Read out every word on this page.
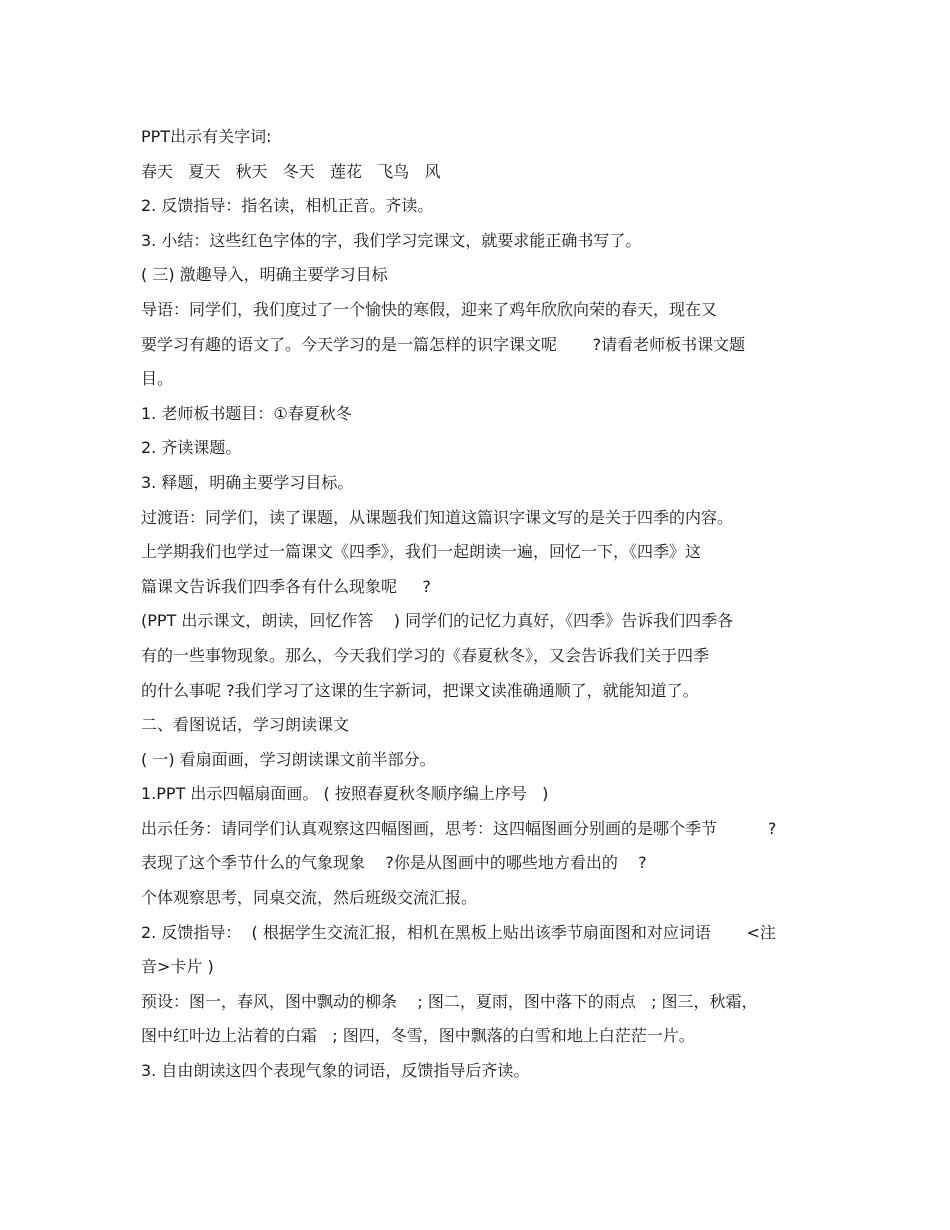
PPT出示有关字词:
春天   夏天   秋天   冬天   莲花   飞鸟   风
2. 反馈指导：指名读，相机正音。齐读。
3. 小结：这些红色字体的字，我们学习完课文，就要求能正确书写了。
( 三) 激趣导入，明确主要学习目标
导语：同学们，我们度过了一个愉快的寒假，迎来了鸡年欣欣向荣的春天，现在又
要学习有趣的语文了。今天学习的是一篇怎样的识字课文呢       ?请看老师板书课文题
目。
1. 老师板书题目：①春夏秋冬
2. 齐读课题。
3. 释题，明确主要学习目标。
过渡语：同学们，读了课题，从课题我们知道这篇识字课文写的是关于四季的内容。
上学期我们也学过一篇课文《四季》，我们一起朗读一遍，回忆一下，《四季》这
篇课文告诉我们四季各有什么现象呢     ?
(PPT 出示课文，朗读，回忆作答    ) 同学们的记忆力真好，《四季》告诉我们四季各
有的一些事物现象。那么，今天我们学习的《春夏秋冬》，又会告诉我们关于四季
的什么事呢 ?我们学习了这课的生字新词，把课文读准确通顺了，就能知道了。
二、看图说话，学习朗读课文
( 一) 看扇面画，学习朗读课文前半部分。
1.PPT 出示四幅扇面画。 ( 按照春夏秋冬顺序编上序号   )
出示任务：请同学们认真观察这四幅图画，思考：这四幅图画分别画的是哪个季节          ?
表现了这个季节什么的气象现象    ?你是从图画中的哪些地方看出的    ?
个体观察思考，同桌交流，然后班级交流汇报。
2. 反馈指导：  ( 根据学生交流汇报，相机在黑板上贴出该季节扇面图和对应词语       <注
音>卡片 )
预设：图一，春风，图中飘动的柳条    ; 图二，夏雨，图中落下的雨点   ; 图三，秋霜，
图中红叶边上沾着的白霜   ; 图四，冬雪，图中飘落的白雪和地上白茫茫一片。
3. 自由朗读这四个表现气象的词语，反馈指导后齐读。
